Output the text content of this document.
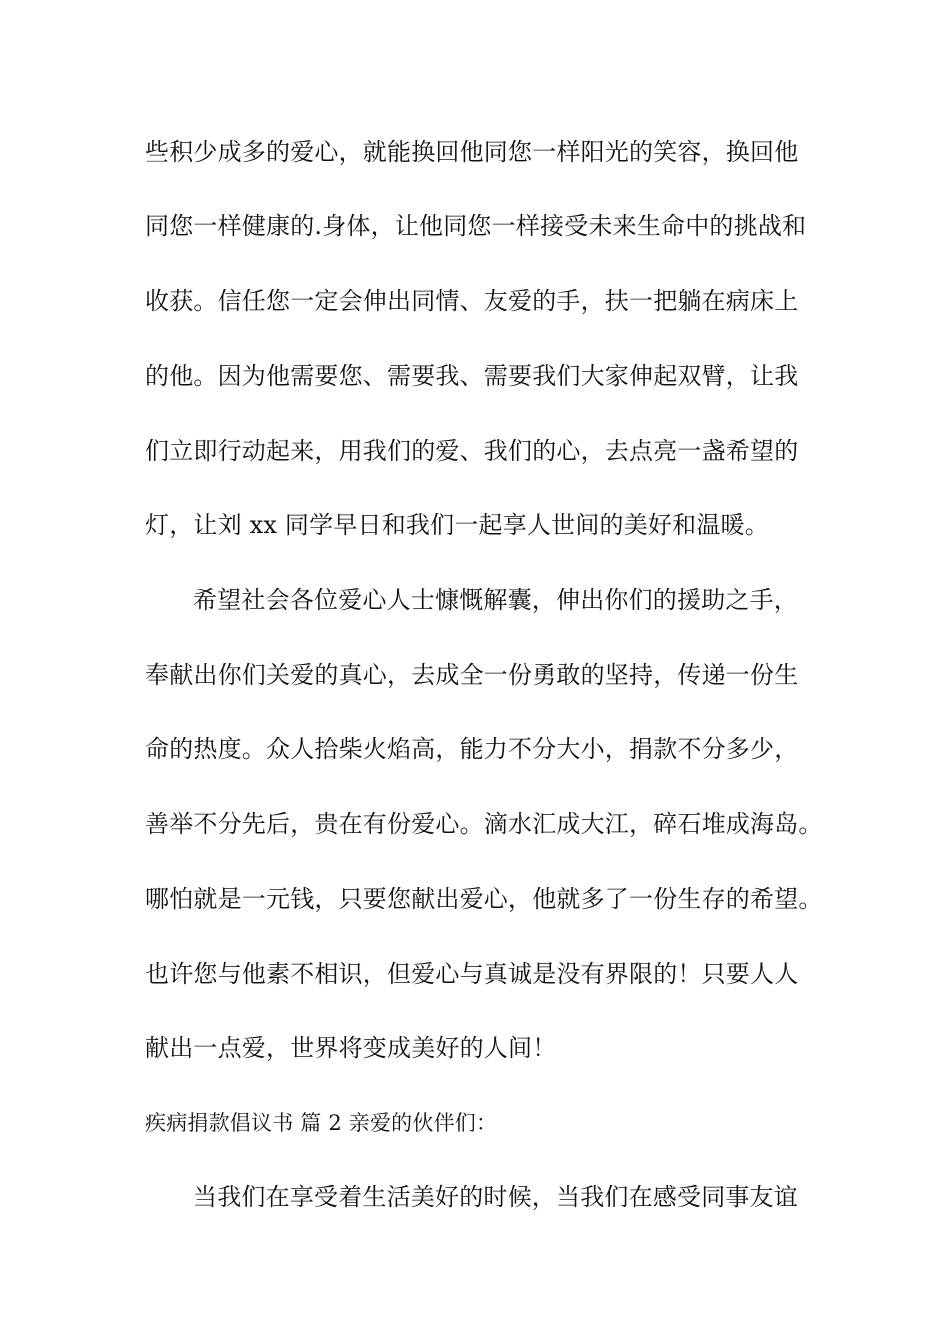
些积少成多的爱心，就能换回他同您一样阳光的笑容，换回他
同您一样健康的.身体，让他同您一样接受未来生命中的挑战和
收获。信任您一定会伸出同情、友爱的手，扶一把躺在病床上
的他。因为他需要您、需要我、需要我们大家伸起双臂，让我
们立即行动起来，用我们的爱、我们的心，去点亮一盏希望的
灯，让刘 xx 同学早日和我们一起享人世间的美好和温暖。
希望社会各位爱心人士慷慨解囊，伸出你们的援助之手，
奉献出你们关爱的真心，去成全一份勇敢的坚持，传递一份生
命的热度。众人拾柴火焰高，能力不分大小，捐款不分多少，
善举不分先后，贵在有份爱心。滴水汇成大江，碎石堆成海岛。
哪怕就是一元钱，只要您献出爱心，他就多了一份生存的希望。
也许您与他素不相识，但爱心与真诚是没有界限的！只要人人
献出一点爱，世界将变成美好的人间！
疾病捐款倡议书 篇 2 亲爱的伙伴们：
当我们在享受着生活美好的时候，当我们在感受同事友谊
